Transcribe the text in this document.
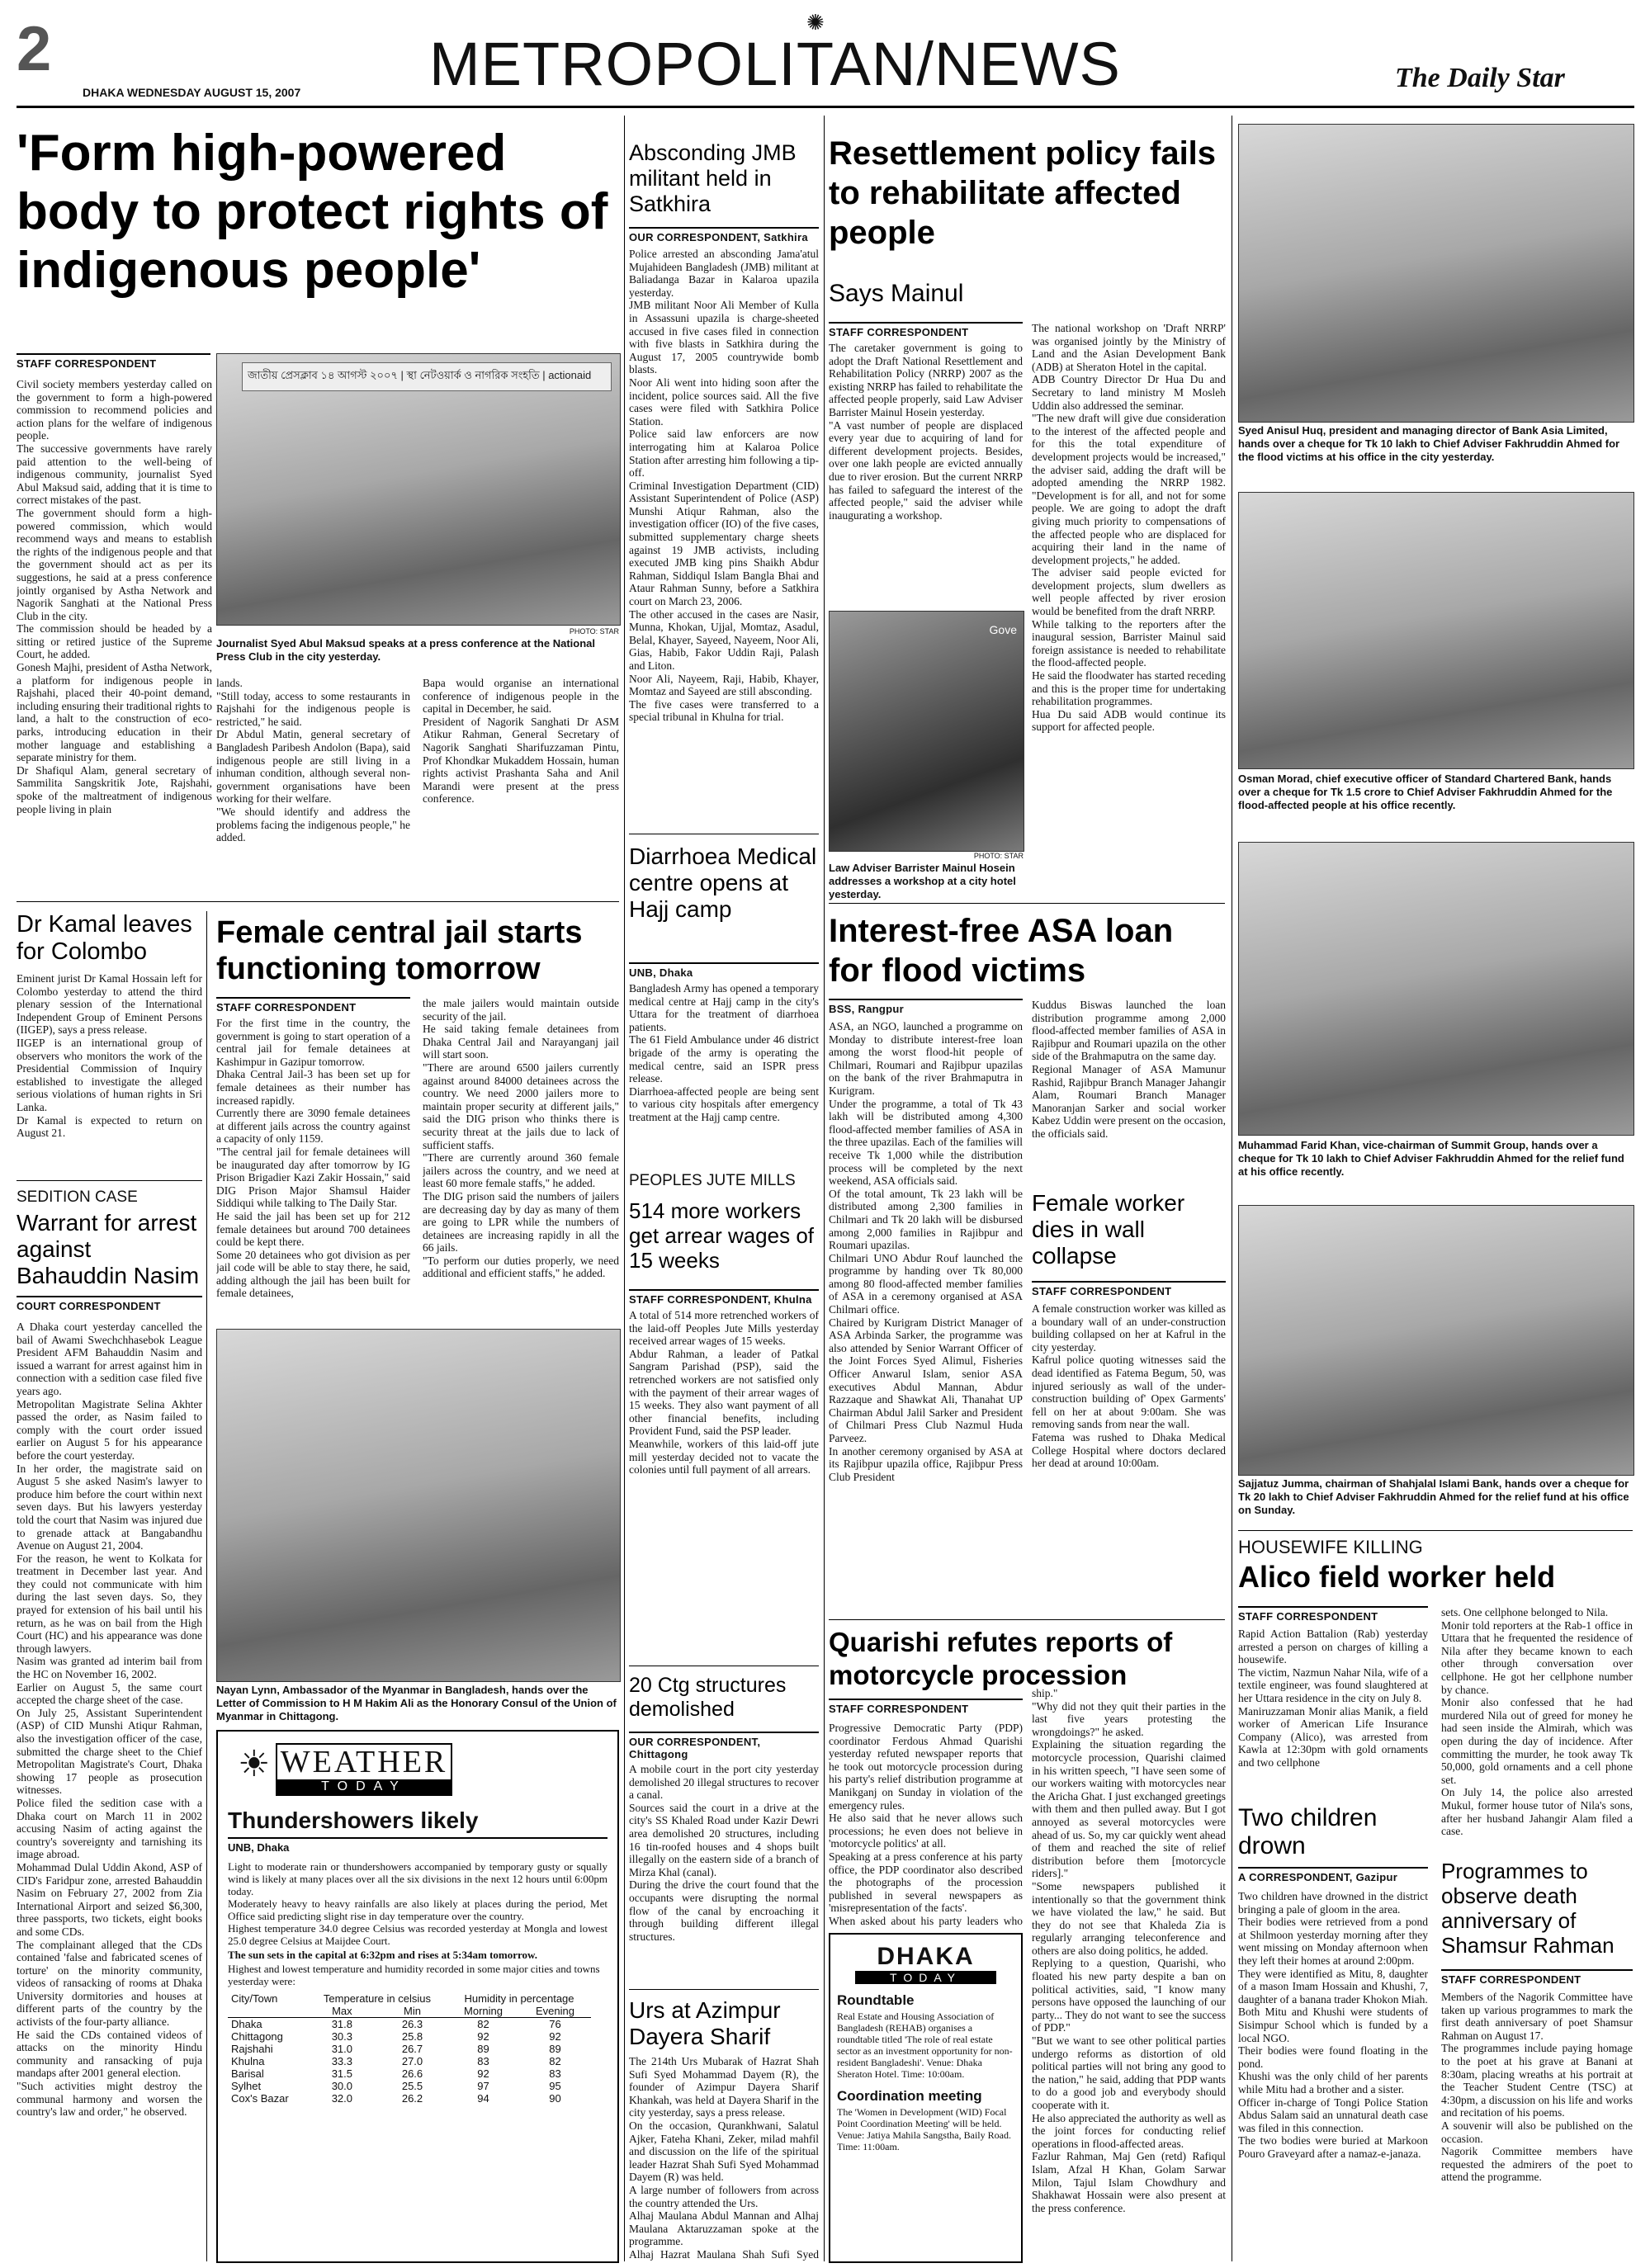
2
DHAKA WEDNESDAY AUGUST 15, 2007
✺
METROPOLITAN/NEWS	The Daily Star
'Form high-powered body to protect rights of indigenous people'
STAFF CORRESPONDENT
Civil society members yesterday called on the government to form a high-powered commission to recommend policies and action plans for the welfare of indigenous people.
The successive governments have rarely paid attention to the well-being of indigenous community, journalist Syed Abul Maksud said, adding that it is time to correct mistakes of the past.
The government should form a high-powered commission, which would recommend ways and means to establish the rights of the indigenous people and that the government should act as per its suggestions, he said at a press conference jointly organised by Astha Network and Nagorik Sanghati at the National Press Club in the city.
The commission should be headed by a sitting or retired justice of the Supreme Court, he added.
Gonesh Majhi, president of Astha Network, a platform for indigenous people in Rajshahi, placed their 40-point demand, including ensuring their traditional rights to land, a halt to the construction of eco-parks, introducing education in their mother language and establishing a separate ministry for them.
Dr Shafiqul Alam, general secretary of Sammilita Sangskritik Jote, Rajshahi, spoke of the maltreatment of indigenous people living in plain
জাতীয় প্রেসক্লাব ১৪ আগস্ট ২০০৭ | স্থা নেটওয়ার্ক ও নাগরিক সংহতি | actionaid
PHOTO: STAR
Journalist Syed Abul Maksud speaks at a press conference at the National Press Club in the city yesterday.
lands.
"Still today, access to some restaurants in Rajshahi for the indigenous people is restricted," he said.
Dr Abdul Matin, general secretary of Bangladesh Paribesh Andolon (Bapa), said indigenous people are still living in a inhuman condition, although several non-government organisations have been working for their welfare.
"We should identify and address the problems facing the indigenous people," he added.
Bapa would organise an international conference of indigenous people in the capital in December, he said.
President of Nagorik Sanghati Dr ASM Atikur Rahman, General Secretary of Nagorik Sanghati Sharifuzzaman Pintu, Prof Khondkar Mukaddem Hossain, human rights activist Prashanta Saha and Anil Marandi were present at the press conference.
Absconding JMB militant held in Satkhira
OUR CORRESPONDENT, Satkhira
Police arrested an absconding Jama'atul Mujahideen Bangladesh (JMB) militant at Baliadanga Bazar in Kalaroa upazila yesterday.
JMB militant Noor Ali Member of Kulla in Assassuni upazila is charge-sheeted accused in five cases filed in connection with five blasts in Satkhira during the August 17, 2005 countrywide bomb blasts.
Noor Ali went into hiding soon after the incident, police sources said. All the five cases were filed with Satkhira Police Station.
Police said law enforcers are now interrogating him at Kalaroa Police Station after arresting him following a tip-off.
Criminal Investigation Department (CID) Assistant Superintendent of Police (ASP) Munshi Atiqur Rahman, also the investigation officer (IO) of the five cases, submitted supplementary charge sheets against 19 JMB activists, including executed JMB king pins Shaikh Abdur Rahman, Siddiqul Islam Bangla Bhai and Ataur Rahman Sunny, before a Satkhira court on March 23, 2006.
The other accused in the cases are Nasir, Munna, Khokan, Ujjal, Momtaz, Asadul, Belal, Khayer, Sayeed, Nayeem, Noor Ali, Gias, Habib, Fakor Uddin Raji, Palash and Liton.
Noor Ali, Nayeem, Raji, Habib, Khayer, Momtaz and Sayeed are still absconding.
The five cases were transferred to a special tribunal in Khulna for trial.
Diarrhoea Medical centre opens at Hajj camp
UNB, Dhaka
Bangladesh Army has opened a temporary medical centre at Hajj camp in the city's Uttara for the treatment of diarrhoea patients.
The 61 Field Ambulance under 46 district brigade of the army is operating the medical centre, said an ISPR press release.
Diarrhoea-affected people are being sent to various city hospitals after emergency treatment at the Hajj camp centre.
PEOPLES JUTE MILLS
514 more workers get arrear wages of 15 weeks
STAFF CORRESPONDENT, Khulna
A total of 514 more retrenched workers of the laid-off Peoples Jute Mills yesterday received arrear wages of 15 weeks.
Abdur Rahman, a leader of Patkal Sangram Parishad (PSP), said the retrenched workers are not satisfied only with the payment of their arrear wages of 15 weeks. They also want payment of all other financial benefits, including Provident Fund, said the PSP leader.
Meanwhile, workers of this laid-off jute mill yesterday decided not to vacate the colonies until full payment of all arrears.
20 Ctg structures demolished
OUR CORRESPONDENT, Chittagong
A mobile court in the port city yesterday demolished 20 illegal structures to recover a canal.
Sources said the court in a drive at the city's SS Khaled Road under Kazir Dewri area demolished 20 structures, including 16 tin-roofed houses and 4 shops built illegally on the eastern side of a branch of Mirza Khal (canal).
During the drive the court found that the occupants were disrupting the normal flow of the canal by encroaching it through building different illegal structures.
Urs at Azimpur Dayera Sharif
The 214th Urs Mubarak of Hazrat Shah Sufi Syed Mohammad Dayem (R), the founder of Azimpur Dayera Sharif Khankah, was held at Dayera Sharif in the city yesterday, says a press release.
On the occasion, Qurankhwani, Salatul Ajker, Fateha Khani, Zeker, milad mahfil and discussion on the life of the spiritual leader Hazrat Shah Sufi Syed Mohammad Dayem (R) was held.
A large number of followers from across the country attended the Urs.
Alhaj Maulana Abdul Mannan and Alhaj Maulana Aktaruzzaman spoke at the programme.
Alhaj Hazrat Maulana Shah Sufi Syed
Resettlement policy fails to rehabilitate affected people
Says Mainul
STAFF CORRESPONDENT
The caretaker government is going to adopt the Draft National Resettlement and Rehabilitation Policy (NRRP) 2007 as the existing NRRP has failed to rehabilitate the affected people properly, said Law Adviser Barrister Mainul Hosein yesterday.
"A vast number of people are displaced every year due to acquiring of land for different development projects. Besides, over one lakh people are evicted annually due to river erosion. But the current NRRP has failed to safeguard the interest of the affected people," said the adviser while inaugurating a workshop.
Gove
PHOTO: STAR
Law Adviser Barrister Mainul Hosein addresses a workshop at a city hotel yesterday.
The national workshop on 'Draft NRRP' was organised jointly by the Ministry of Land and the Asian Development Bank (ADB) at Sheraton Hotel in the capital.
ADB Country Director Dr Hua Du and Secretary to land ministry M Mosleh Uddin also addressed the seminar.
"The new draft will give due consideration to the interest of the affected people and for this the total expenditure of development projects would be increased," the adviser said, adding the draft will be adopted amending the NRRP 1982. "Development is for all, and not for some people. We are going to adopt the draft giving much priority to compensations of the affected people who are displaced for acquiring their land in the name of development projects," he added.
The adviser said people evicted for development projects, slum dwellers as well people affected by river erosion would be benefited from the draft NRRP.
While talking to the reporters after the inaugural session, Barrister Mainul said foreign assistance is needed to rehabilitate the flood-affected people.
He said the floodwater has started receding and this is the proper time for undertaking rehabilitation programmes.
Hua Du said ADB would continue its support for affected people.
Interest-free ASA loan for flood victims
BSS, Rangpur
ASA, an NGO, launched a programme on Monday to distribute interest-free loan among the worst flood-hit people of Chilmari, Roumari and Rajibpur upazilas on the bank of the river Brahmaputra in Kurigram.
Under the programme, a total of Tk 43 lakh will be distributed among 4,300 flood-affected member families of ASA in the three upazilas. Each of the families will receive Tk 1,000 while the distribution process will be completed by the next weekend, ASA officials said.
Of the total amount, Tk 23 lakh will be distributed among 2,300 families in Chilmari and Tk 20 lakh will be disbursed among 2,000 families in Rajibpur and Roumari upazilas.
Chilmari UNO Abdur Rouf launched the programme by handing over Tk 80,000 among 80 flood-affected member families of ASA in a ceremony organised at ASA Chilmari office.
Chaired by Kurigram District Manager of ASA Arbinda Sarker, the programme was also attended by Senior Warrant Officer of the Joint Forces Syed Alimul, Fisheries Officer Anwarul Islam, senior ASA executives Abdul Mannan, Abdur Razzaque and Shawkat Ali, Thanahat UP Chairman Abdul Jalil Sarker and President of Chilmari Press Club Nazmul Huda Parveez.
In another ceremony organised by ASA at its Rajibpur upazila office, Rajibpur Press Club President
Kuddus Biswas launched the loan distribution programme among 2,000 flood-affected member families of ASA in Rajibpur and Roumari upazila on the other side of the Brahmaputra on the same day.
Regional Manager of ASA Mamunur Rashid, Rajibpur Branch Manager Jahangir Alam, Roumari Branch Manager Manoranjan Sarker and social worker Kabez Uddin were present on the occasion, the officials said.
Female worker dies in wall collapse
STAFF CORRESPONDENT
A female construction worker was killed as a boundary wall of an under-construction building collapsed on her at Kafrul in the city yesterday.
Kafrul police quoting witnesses said the dead identified as Fatema Begum, 50, was injured seriously as wall of the under-construction building of' Opex Garments' fell on her at about 9:00am. She was removing sands from near the wall.
Fatema was rushed to Dhaka Medical College Hospital where doctors declared her dead at around 10:00am.
Quarishi refutes reports of motorcycle procession
STAFF CORRESPONDENT
Progressive Democratic Party (PDP) coordinator Ferdous Ahmad Quarishi yesterday refuted newspaper reports that he took out motorcycle procession during his party's relief distribution programme at Manikganj on Sunday in violation of the emergency rules.
He also said that he never allows such processions; he even does not believe in 'motorcycle politics' at all.
Speaking at a press conference at his party office, the PDP coordinator also described the photographs of the procession published in several newspapers as 'misrepresentation of the facts'.
When asked about his party leaders who
ship."
"Why did not they quit their parties in the last five years protesting the wrongdoings?" he asked.
Explaining the situation regarding the motorcycle procession, Quarishi claimed in his written speech, "I have seen some of our workers waiting with motorcycles near the Aricha Ghat. I just exchanged greetings with them and then pulled away. But I got annoyed as several motorcycles were ahead of us. So, my car quickly went ahead of them and reached the site of relief distribution before them [motorcycle riders]."
"Some newspapers published it intentionally so that the government think we have violated the law," he said. But they do not see that Khaleda Zia is regularly arranging teleconference and others are also doing politics, he added.
Replying to a question, Quarishi, who floated his new party despite a ban on political activities, said, "I know many persons have opposed the launching of our party... They do not want to see the success of PDP."
"But we want to see other political parties undergo reforms as distortion of old political parties will not bring any good to the nation," he said, adding that PDP wants to do a good job and everybody should cooperate with it.
He also appreciated the authority as well as the joint forces for conducting relief operations in flood-affected areas.
Fazlur Rahman, Maj Gen (retd) Rafiqul Islam, Afzal H Khan, Golam Sarwar Milon, Tajul Islam Chowdhury and Shakhawat Hossain were also present at the press conference.
DHAKA
TODAY
Roundtable
Real Estate and Housing Association of Bangladesh (REHAB) organises a roundtable titled 'The role of real estate sector as an investment opportunity for non-resident Bangladeshi'. Venue: Dhaka Sheraton Hotel. Time: 10:00am.
Coordination meeting
The 'Women in Development (WID) Focal Point Coordination Meeting' will be held. Venue: Jatiya Mahila Sangstha, Baily Road. Time: 11:00am.
Dr Kamal leaves for Colombo
Eminent jurist Dr Kamal Hossain left for Colombo yesterday to attend the third plenary session of the International Independent Group of Eminent Persons (IIGEP), says a press release.
IIGEP is an international group of observers who monitors the work of the Presidential Commission of Inquiry established to investigate the alleged serious violations of human rights in Sri Lanka.
Dr Kamal is expected to return on August 21.
SEDITION CASE
Warrant for arrest against Bahauddin Nasim
COURT CORRESPONDENT
A Dhaka court yesterday cancelled the bail of Awami Swechchhasebok League President AFM Bahauddin Nasim and issued a warrant for arrest against him in connection with a sedition case filed five years ago.
Metropolitan Magistrate Selina Akhter passed the order, as Nasim failed to comply with the court order issued earlier on August 5 for his appearance before the court yesterday.
In her order, the magistrate said on August 5 she asked Nasim's lawyer to produce him before the court within next seven days. But his lawyers yesterday told the court that Nasim was injured due to grenade attack at Bangabandhu Avenue on August 21, 2004.
For the reason, he went to Kolkata for treatment in December last year. And they could not communicate with him during the last seven days. So, they prayed for extension of his bail until his return, as he was on bail from the High Court (HC) and his appearance was done through lawyers.
Nasim was granted ad interim bail from the HC on November 16, 2002.
Earlier on August 5, the same court accepted the charge sheet of the case.
On July 25, Assistant Superintendent (ASP) of CID Munshi Atiqur Rahman, also the investigation officer of the case, submitted the charge sheet to the Chief Metropolitan Magistrate's Court, Dhaka showing 17 people as prosecution witnesses.
Police filed the sedition case with a Dhaka court on March 11 in 2002 accusing Nasim of acting against the country's sovereignty and tarnishing its image abroad.
Mohammad Dulal Uddin Akond, ASP of CID's Faridpur zone, arrested Bahauddin Nasim on February 27, 2002 from Zia International Airport and seized $6,300, three passports, two tickets, eight books and some CDs.
The complainant alleged that the CDs contained 'false and fabricated scenes of torture' on the minority community, videos of ransacking of rooms at Dhaka University dormitories and houses at different parts of the country by the activists of the four-party alliance.
He said the CDs contained videos of attacks on the minority Hindu community and ransacking of puja mandaps after 2001 general election.
"Such activities might destroy the communal harmony and worsen the country's law and order," he observed.
Female central jail starts functioning tomorrow
STAFF CORRESPONDENT
For the first time in the country, the government is going to start operation of a central jail for female detainees at Kashimpur in Gazipur tomorrow.
Dhaka Central Jail-3 has been set up for female detainees as their number has increased rapidly.
Currently there are 3090 female detainees at different jails across the country against a capacity of only 1159.
"The central jail for female detainees will be inaugurated day after tomorrow by IG Prison Brigadier Kazi Zakir Hossain," said DIG Prison Major Shamsul Haider Siddiqui while talking to The Daily Star.
He said the jail has been set up for 212 female detainees but around 700 detainees could be kept there.
Some 20 detainees who got division as per jail code will be able to stay there, he said, adding although the jail has been built for female detainees,
the male jailers would maintain outside security of the jail.
He said taking female detainees from Dhaka Central Jail and Narayanganj jail will start soon.
"There are around 6500 jailers currently against around 84000 detainees across the country. We need 2000 jailers more to maintain proper security at different jails," said the DIG prison who thinks there is security threat at the jails due to lack of sufficient staffs.
"There are currently around 360 female jailers across the country, and we need at least 60 more female staffs," he added.
The DIG prison said the numbers of jailers are decreasing day by day as many of them are going to LPR while the numbers of detainees are increasing rapidly in all the 66 jails.
"To perform our duties properly, we need additional and efficient staffs," he added.
Nayan Lynn, Ambassador of the Myanmar in Bangladesh, hands over the Letter of Commission to H M Hakim Ali as the Honorary Consul of the Union of Myanmar in Chittagong.
WEATHER
TODAY
☀
Thundershowers likely
UNB, Dhaka
Light to moderate rain or thundershowers accompanied by temporary gusty or squally wind is likely at many places over all the six divisions in the next 12 hours until 6:00pm today.
Moderately heavy to heavy rainfalls are also likely at places during the period, Met Office said predicting slight rise in day temperature over the country.
Highest temperature 34.0 degree Celsius was recorded yesterday at Mongla and lowest 25.0 degree Celsius at Maijdee Court.
The sun sets in the capital at 6:32pm and rises at 5:34am tomorrow.
Highest and lowest temperature and humidity recorded in some major cities and towns yesterday were:
City/Town	Temperature in celsius		Humidity in percentage	
	Max	Min	Morning	Evening
Dhaka	31.8	26.3	82	76
Chittagong	30.3	25.8	92	92
Rajshahi	31.0	26.7	89	89
Khulna	33.3	27.0	83	82
Barisal	31.5	26.6	92	83
Sylhet	30.0	25.5	97	95
Cox's Bazar	32.0	26.2	94	90
Syed Anisul Huq, president and managing director of Bank Asia Limited, hands over a cheque for Tk 10 lakh to Chief Adviser Fakhruddin Ahmed for the flood victims at his office in the city yesterday.
Osman Morad, chief executive officer of Standard Chartered Bank, hands over a cheque for Tk 1.5 crore to Chief Adviser Fakhruddin Ahmed for the flood-affected people at his office recently.
Muhammad Farid Khan, vice-chairman of Summit Group, hands over a cheque for Tk 10 lakh to Chief Adviser Fakhruddin Ahmed for the relief fund at his office recently.
Sajjatuz Jumma, chairman of Shahjalal Islami Bank, hands over a cheque for Tk 20 lakh to Chief Adviser Fakhruddin Ahmed for the relief fund at his office on Sunday.
HOUSEWIFE KILLING
Alico field worker held
STAFF CORRESPONDENT
Rapid Action Battalion (Rab) yesterday arrested a person on charges of killing a housewife.
The victim, Nazmun Nahar Nila, wife of a textile engineer, was found slaughtered at her Uttara residence in the city on July 8.
Maniruzzaman Monir alias Manik, a field worker of American Life Insurance Company (Alico), was arrested from Kawla at 12:30pm with gold ornaments and two cellphone
sets. One cellphone belonged to Nila.
Monir told reporters at the Rab-1 office in Uttara that he frequented the residence of Nila after they became known to each other through conversation over cellphone. He got her cellphone number by chance.
Monir also confessed that he had murdered Nila out of greed for money he had seen inside the Almirah, which was open during the day of incidence. After committing the murder, he took away Tk 50,000, gold ornaments and a cell phone set.
On July 14, the police also arrested Mukul, former house tutor of Nila's sons, after her husband Jahangir Alam filed a case.
Two children drown
A CORRESPONDENT, Gazipur
Two children have drowned in the district bringing a pale of gloom in the area.
Their bodies were retrieved from a pond at Shilmoon yesterday morning after they went missing on Monday afternoon when they left their homes at around 2:00pm.
They were identified as Mitu, 8, daughter of a mason Imam Hossain and Khushi, 7, daughter of a banana trader Khokon Miah.
Both Mitu and Khushi were students of Sisimpur School which is funded by a local NGO.
Their bodies were found floating in the pond.
Khushi was the only child of her parents while Mitu had a brother and a sister.
Officer in-charge of Tongi Police Station Abdus Salam said an unnatural death case was filed in this connection.
The two bodies were buried at Markoon Pouro Graveyard after a namaz-e-janaza.
Programmes to observe death anniversary of Shamsur Rahman
STAFF CORRESPONDENT
Members of the Nagorik Committee have taken up various programmes to mark the first death anniversary of poet Shamsur Rahman on August 17.
The programmes include paying homage to the poet at his grave at Banani at 8:30am, placing wreaths at his portrait at the Teacher Student Centre (TSC) at 4:30pm, a discussion on his life and works and recitation of his poems.
A souvenir will also be published on the occasion.
Nagorik Committee members have requested the admirers of the poet to attend the programme.
